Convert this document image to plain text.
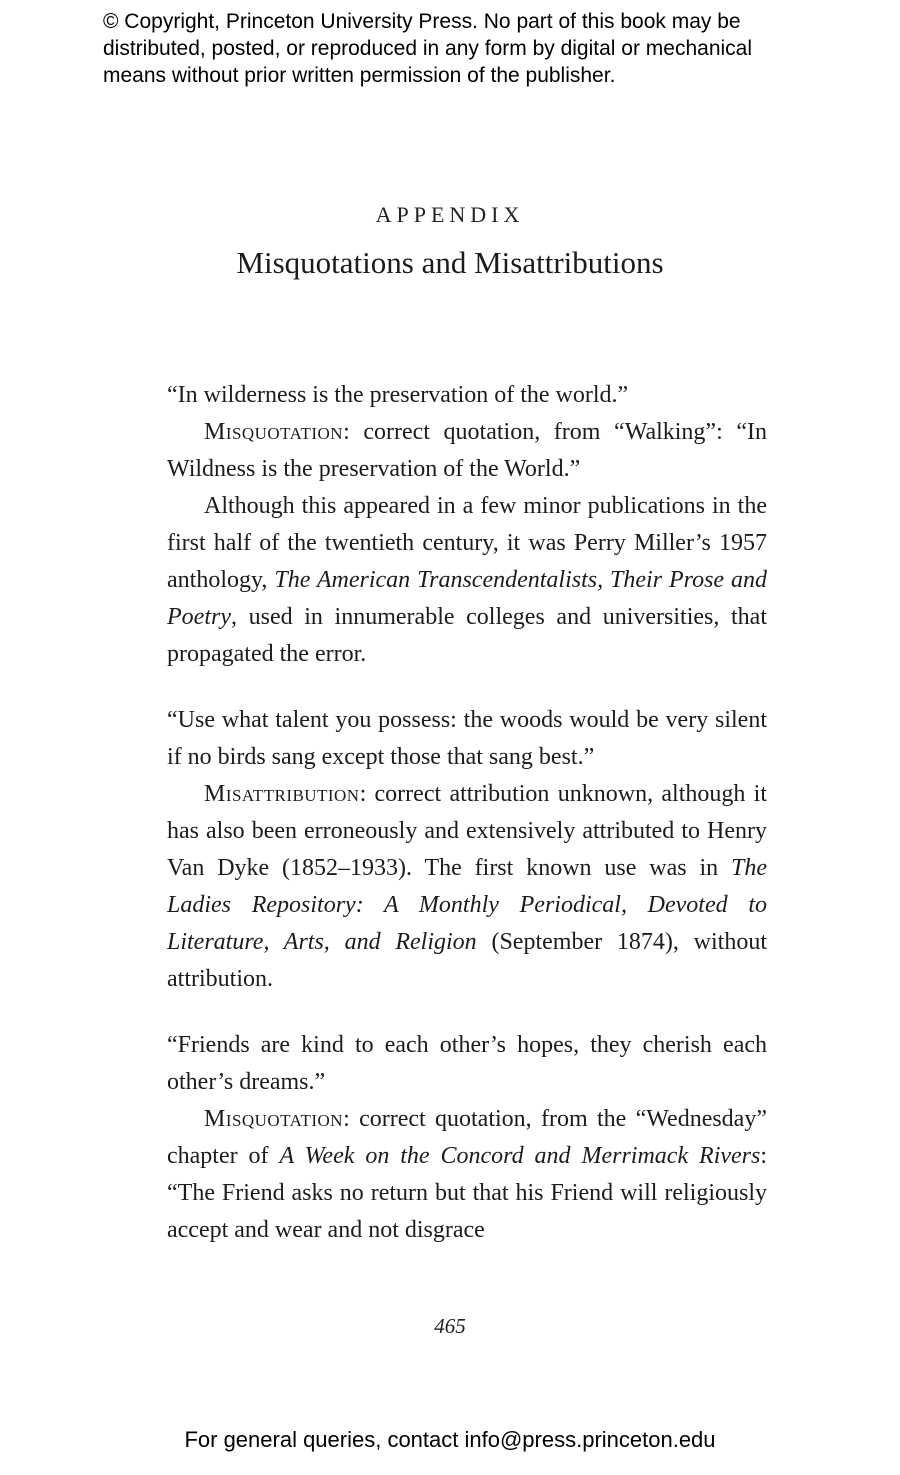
© Copyright, Princeton University Press. No part of this book may be
distributed, posted, or reproduced in any form by digital or mechanical
means without prior written permission of the publisher.
APPENDIX
Misquotations and Misattributions

“In wilderness is the preservation of the world.”

Misquotation: correct quotation, from “Walking”: “In Wildness is the preservation of the World.”

Although this appeared in a few minor publications in the first half of the twentieth century, it was Perry Miller’s 1957 anthology, The American Transcendentalists, Their Prose and Poetry, used in innumerable colleges and universities, that propagated the error.

“Use what talent you possess: the woods would be very silent if no birds sang except those that sang best.”

Misattribution: correct attribution unknown, although it has also been erroneously and extensively attributed to Henry Van Dyke (1852–1933). The first known use was in The Ladies Repository: A Monthly Periodical, Devoted to Literature, Arts, and Religion (September 1874), without attribution.

“Friends are kind to each other’s hopes, they cherish each other’s dreams.”

Misquotation: correct quotation, from the “Wednesday” chapter of A Week on the Concord and Merrimack Rivers: “The Friend asks no return but that his Friend will religiously accept and wear and not disgrace

465
For general queries, contact info@press.princeton.edu
